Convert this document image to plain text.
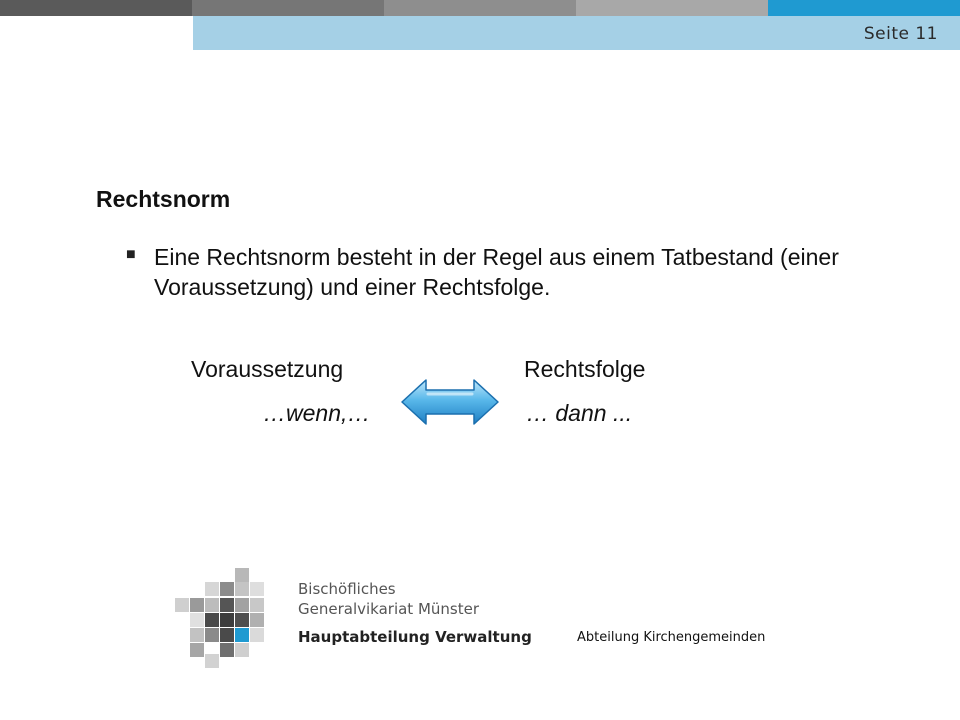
Seite 11
Rechtsnorm
■ Eine Rechtsnorm besteht in der Regel aus einem Tatbestand (einer Voraussetzung) und einer Rechtsfolge.
Voraussetzung	Rechtsfolge
…wenn,…	… dann ...
Bischöfliches
Generalvikariat Münster
Hauptabteilung Verwaltung	Abteilung Kirchengemeinden
